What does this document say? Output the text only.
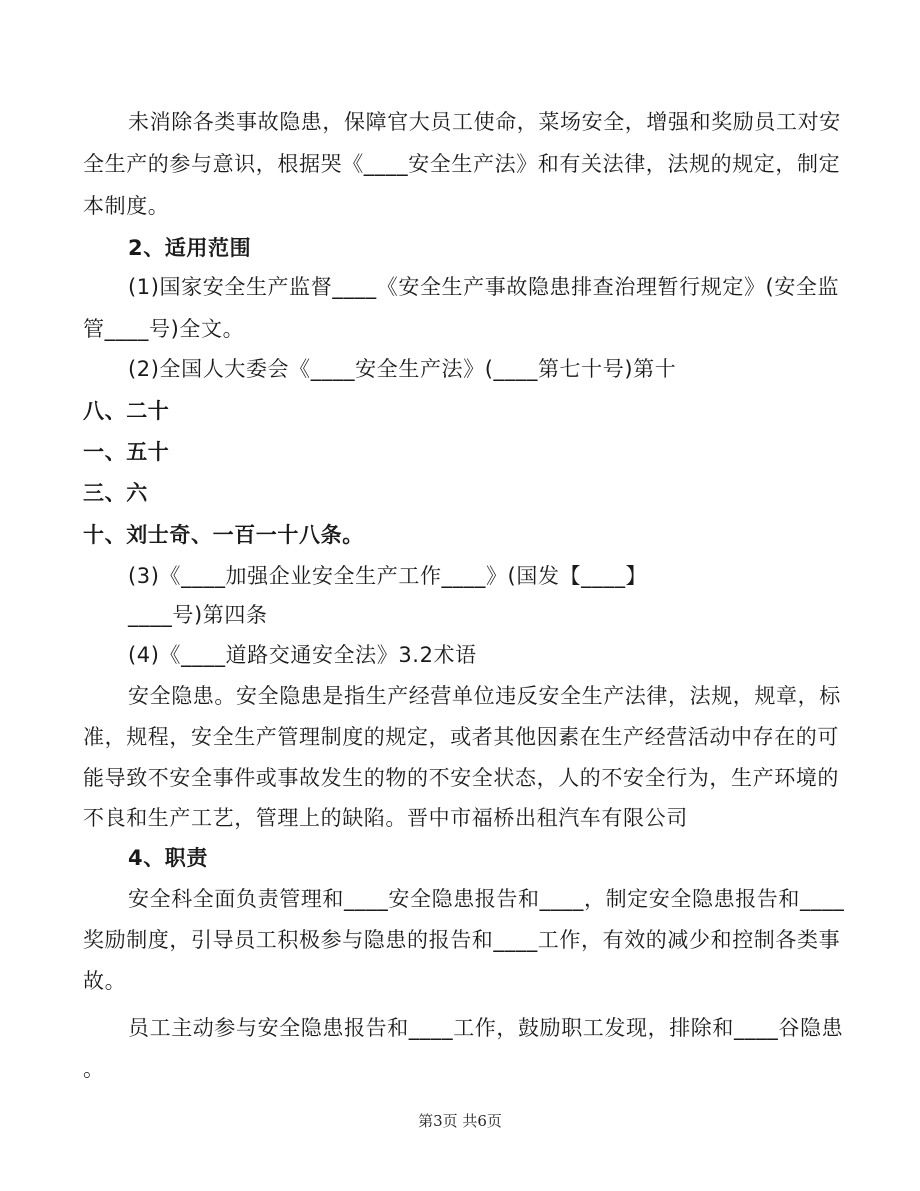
未消除各类事故隐患，保障官大员工使命，菜场安全，增强和奖励员工对安
全生产的参与意识，根据哭《____安全生产法》和有关法律，法规的规定，制定
本制度。
2、适用范围
(1)国家安全生产监督____《安全生产事故隐患排查治理暂行规定》(安全监
管____号)全文。
(2)全国人大委会《____安全生产法》(____第七十号)第十
八、二十
一、五十
三、六
十、刘士奇、一百一十八条。
(3)《____加强企业安全生产工作____》(国发【____】
____号)第四条
(4)《____道路交通安全法》3.2术语
安全隐患。安全隐患是指生产经营单位违反安全生产法律，法规，规章，标
准，规程，安全生产管理制度的规定，或者其他因素在生产经营活动中存在的可
能导致不安全事件或事故发生的物的不安全状态，人的不安全行为，生产环境的
不良和生产工艺，管理上的缺陷。晋中市福桥出租汽车有限公司
4、职责
安全科全面负责管理和____安全隐患报告和____，制定安全隐患报告和____
奖励制度，引导员工积极参与隐患的报告和____工作，有效的减少和控制各类事
故。
员工主动参与安全隐患报告和____工作，鼓励职工发现，排除和____谷隐患
。
第3页 共6页
